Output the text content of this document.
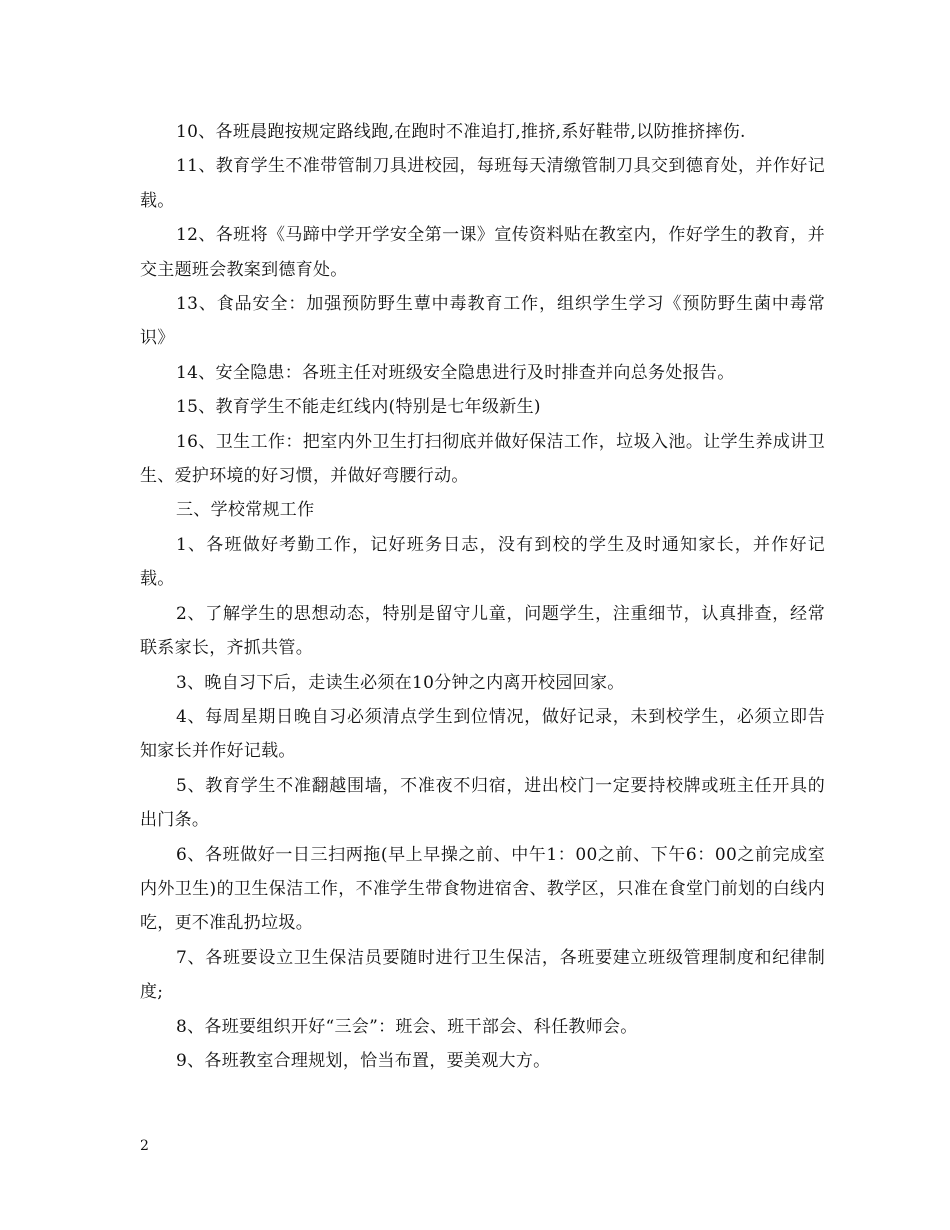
10、各班晨跑按规定路线跑,在跑时不准追打,推挤,系好鞋带,以防推挤摔伤.

11、教育学生不准带管制刀具进校园，每班每天清缴管制刀具交到德育处，并作好记载。

12、各班将《马蹄中学开学安全第一课》宣传资料贴在教室内，作好学生的教育，并交主题班会教案到德育处。

13、食品安全：加强预防野生蕈中毒教育工作，组织学生学习《预防野生菌中毒常识》

14、安全隐患：各班主任对班级安全隐患进行及时排查并向总务处报告。

15、教育学生不能走红线内(特别是七年级新生)

16、卫生工作：把室内外卫生打扫彻底并做好保洁工作，垃圾入池。让学生养成讲卫生、爱护环境的好习惯，并做好弯腰行动。

三、学校常规工作

1、各班做好考勤工作，记好班务日志，没有到校的学生及时通知家长，并作好记载。

2、了解学生的思想动态，特别是留守儿童，问题学生，注重细节，认真排查，经常联系家长，齐抓共管。

3、晚自习下后，走读生必须在10分钟之内离开校园回家。

4、每周星期日晚自习必须清点学生到位情况，做好记录，未到校学生，必须立即告知家长并作好记载。

5、教育学生不准翻越围墙，不准夜不归宿，进出校门一定要持校牌或班主任开具的出门条。

6、各班做好一日三扫两拖(早上早操之前、中午1：00之前、下午6：00之前完成室内外卫生)的卫生保洁工作，不准学生带食物进宿舍、教学区，只准在食堂门前划的白线内吃，更不准乱扔垃圾。

7、各班要设立卫生保洁员要随时进行卫生保洁，各班要建立班级管理制度和纪律制度;

8、各班要组织开好“三会”：班会、班干部会、科任教师会。

9、各班教室合理规划，恰当布置，要美观大方。

2
